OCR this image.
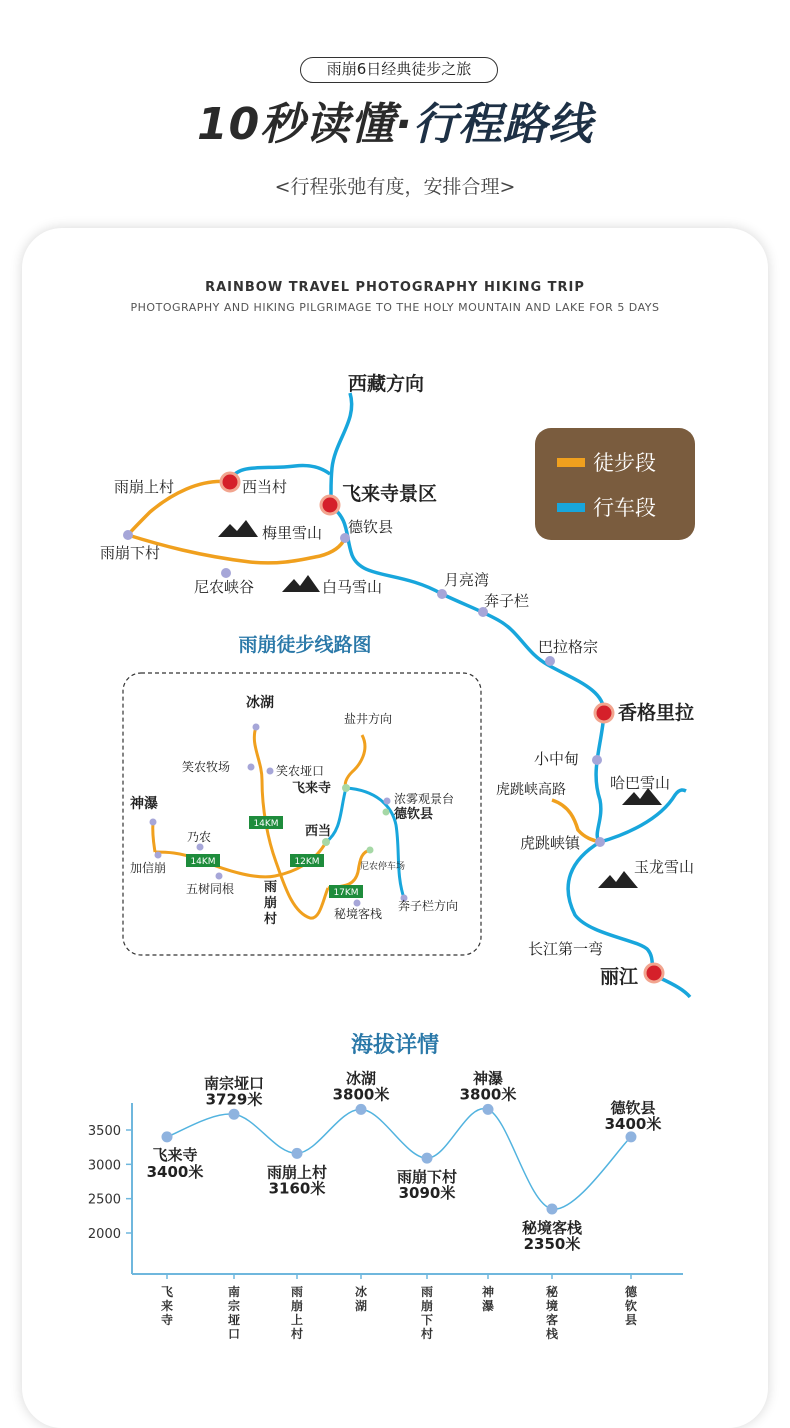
雨崩6日经典徒步之旅
10秒读懂·行程路线
<行程张弛有度，安排合理>
RAINBOW TRAVEL PHOTOGRAPHY HIKING TRIP
PHOTOGRAPHY AND HIKING PILGRIMAGE TO THE HOLY MOUNTAIN AND LAKE FOR 5 DAYS
西藏方向
飞来寺景区
西当村
雨崩上村
雨崩下村
梅里雪山 德钦县
尼农峡谷	白马雪山	月亮湾
奔子栏
巴拉格宗
香格里拉
小中甸
哈巴雪山
虎跳峡高路
虎跳峡镇
玉龙雪山
长江第一弯
丽江
徒步段
行车段
雨崩徒步线路图
14KM
14KM	12KM
17KM
冰湖
盐井方向
笑农牧场	笑农垭口
飞来寺
浓雾观景台
德钦县
神瀑
乃农	西当
加信崩
五树同根 雨崩村
尼农停车场
秘境客栈
奔子栏方向
海拔详情
3500
3000
2500
2000
飞来寺
南宗垭口
雨崩上村
冰湖
雨崩下村
神瀑
秘境客栈
德钦县
飞来寺
3400米
南宗垭口
3729米
雨崩上村
3160米
冰湖
3800米
雨崩下村
3090米
神瀑
3800米
秘境客栈
2350米
德钦县
3400米
